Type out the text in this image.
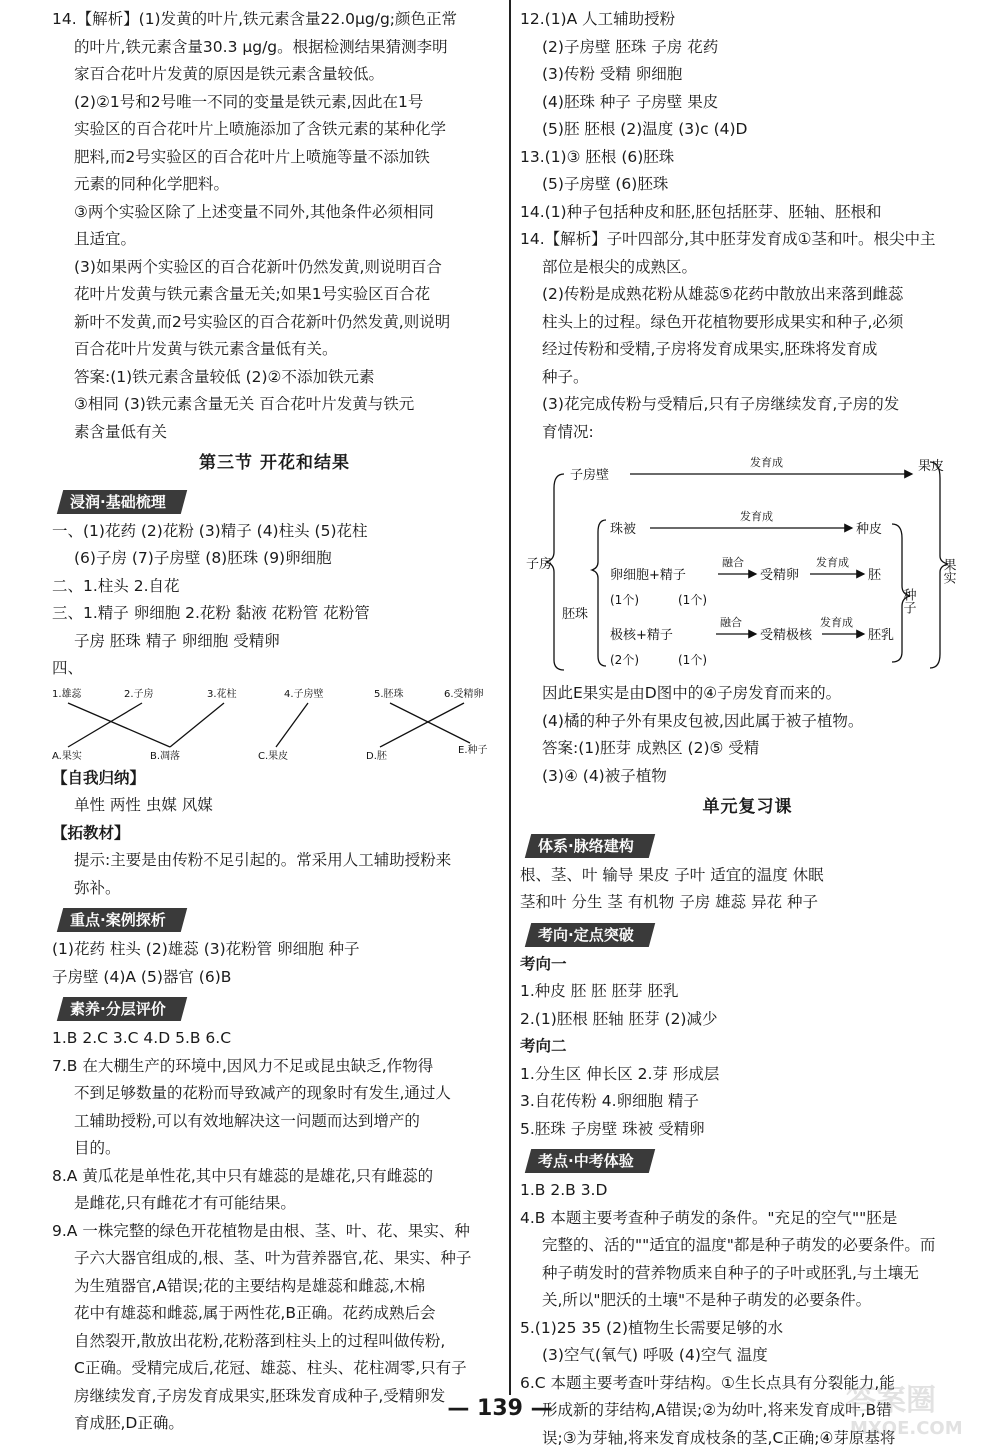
14.【解析】(1)发黄的叶片,铁元素含量22.0μg/g;颜色正常

的叶片,铁元素含量30.3 μg/g。根据检测结果猜测李明

家百合花叶片发黄的原因是铁元素含量较低。

(2)②1号和2号唯一不同的变量是铁元素,因此在1号

实验区的百合花叶片上喷施添加了含铁元素的某种化学

肥料,而2号实验区的百合花叶片上喷施等量不添加铁

元素的同种化学肥料。

③两个实验区除了上述变量不同外,其他条件必须相同

且适宜。

(3)如果两个实验区的百合花新叶仍然发黄,则说明百合

花叶片发黄与铁元素含量无关;如果1号实验区百合花

新叶不发黄,而2号实验区的百合花新叶仍然发黄,则说明

百合花叶片发黄与铁元素含量低有关。

答案:(1)铁元素含量较低 (2)②不添加铁元素

③相同 (3)铁元素含量无关 百合花叶片发黄与铁元

素含量低有关

第三节 开花和结果
浸润·基础梳理

一、(1)花药 (2)花粉 (3)精子 (4)柱头 (5)花柱

(6)子房 (7)子房壁 (8)胚珠 (9)卵细胞

二、1.柱头 2.自花

三、1.精子 卵细胞 2.花粉 黏液 花粉管 花粉管

子房 胚珠 精子 卵细胞 受精卵

四、

1.雄蕊	2.子房	3.花柱	4.子房壁	5.胚珠	6.受精卵
A.果实	B.凋落	C.果皮	D.胚
E.种子

【自我归纳】

单性 两性 虫媒 风媒

【拓教材】

提示:主要是由传粉不足引起的。常采用人工辅助授粉来

弥补。

重点·案例探析

(1)花药 柱头 (2)雄蕊 (3)花粉管 卵细胞 种子

子房壁 (4)A (5)器官 (6)B

素养·分层评价

1.B 2.C 3.C 4.D 5.B 6.C

7.B 在大棚生产的环境中,因风力不足或昆虫缺乏,作物得

不到足够数量的花粉而导致减产的现象时有发生,通过人

工辅助授粉,可以有效地解决这一问题而达到增产的

目的。

8.A 黄瓜花是单性花,其中只有雄蕊的是雄花,只有雌蕊的

是雌花,只有雌花才有可能结果。

9.A 一株完整的绿色开花植物是由根、茎、叶、花、果实、种

子六大器官组成的,根、茎、叶为营养器官,花、果实、种子

为生殖器官,A错误;花的主要结构是雄蕊和雌蕊,木棉

花中有雄蕊和雌蕊,属于两性花,B正确。花药成熟后会

自然裂开,散放出花粉,花粉落到柱头上的过程叫做传粉,

C正确。受精完成后,花冠、雄蕊、柱头、花柱凋零,只有子

房继续发育,子房发育成果实,胚珠发育成种子,受精卵发

育成胚,D正确。

12.(1)A 人工辅助授粉

(2)子房壁 胚珠 子房 花药

(3)传粉 受精 卵细胞

(4)胚珠 种子 子房壁 果皮

(5)胚 胚根 (2)温度 (3)c (4)D

13.(1)③ 胚根 (6)胚珠

(5)子房壁 (6)胚珠

14.(1)种子包括种皮和胚,胚包括胚芽、胚轴、胚根和

14.【解析】子叶四部分,其中胚芽发育成①茎和叶。根尖中主

部位是根尖的成熟区。

(2)传粉是成熟花粉从雄蕊⑤花药中散放出来落到雌蕊

柱头上的过程。绿色开花植物要形成果实和种子,必须

经过传粉和受精,子房将发育成果实,胚珠将发育成

种子。

(3)花完成传粉与受精后,只有子房继续发育,子房的发

育情况:

发育成
子房壁
果皮
子房
胚珠
珠被
发育成
种皮
卵细胞+精子
融合
受精卵
发育成
胚
(1个)	(1个)
极核+精子
融合
受精极核
发育成
胚乳
(2个)	(1个)
种子
果实

因此E果实是由D图中的④子房发育而来的。

(4)橘的种子外有果皮包被,因此属于被子植物。

答案:(1)胚芽 成熟区 (2)⑤ 受精

(3)④ (4)被子植物

单元复习课
体系·脉络建构

根、茎、叶 输导 果皮 子叶 适宜的温度 休眠

茎和叶 分生 茎 有机物 子房 雄蕊 异花 种子

考向·定点突破

考向一

1.种皮 胚 胚 胚芽 胚乳

2.(1)胚根 胚轴 胚芽 (2)减少

考向二

1.分生区 伸长区 2.芽 形成层

3.自花传粉 4.卵细胞 精子

5.胚珠 子房壁 珠被 受精卵

考点·中考体验

1.B 2.B 3.D

4.B 本题主要考查种子萌发的条件。"充足的空气""胚是

完整的、活的""适宜的温度"都是种子萌发的必要条件。而

种子萌发时的营养物质来自种子的子叶或胚乳,与土壤无

关,所以"肥沃的土壤"不是种子萌发的必要条件。

5.(1)25 35 (2)植物生长需要足够的水

(3)空气(氧气) 呼吸 (4)空气 温度

6.C 本题主要考查叶芽结构。①生长点具有分裂能力,能

形成新的芽结构,A错误;②为幼叶,将来发育成叶,B错

误;③为芽轴,将来发育成枝条的茎,C正确;④芽原基将

— 139 —	答案圈
MXQE.COM
